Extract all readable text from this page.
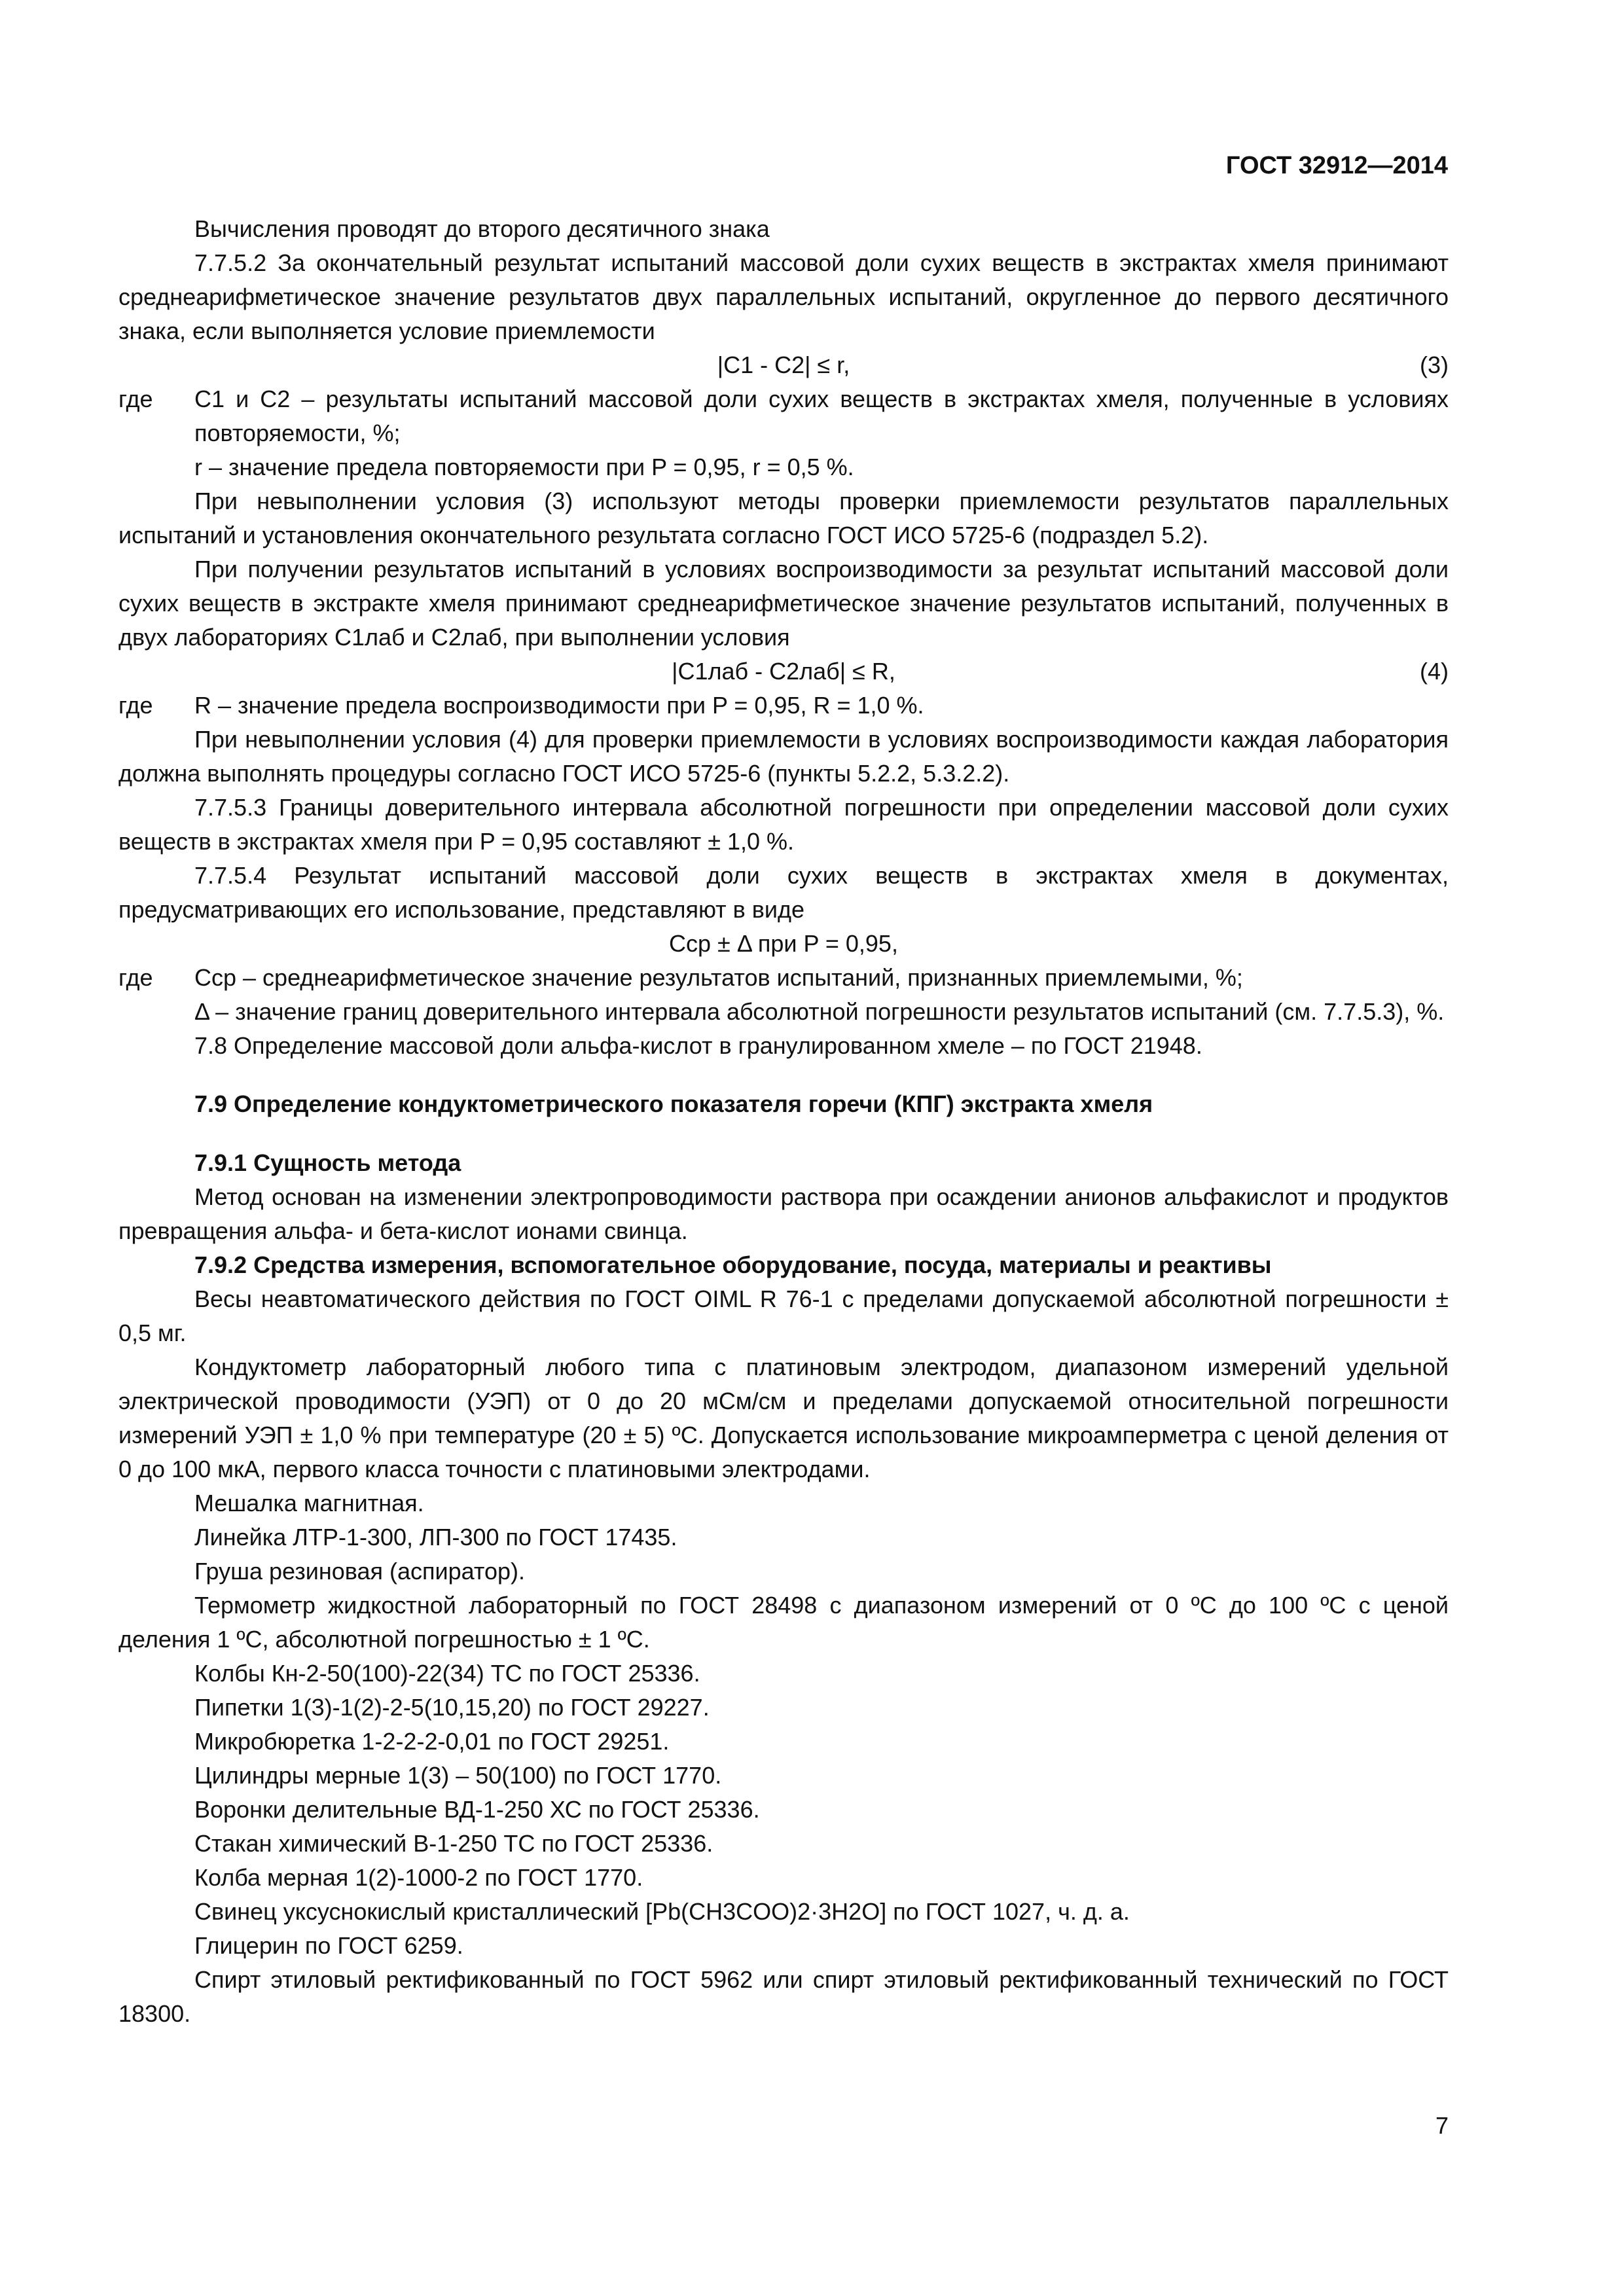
ГОСТ 32912—2014

Вычисления проводят до второго десятичного знака

7.7.5.2 За окончательный результат испытаний массовой доли сухих веществ в экстрактах хмеля принимают среднеарифметическое значение результатов двух параллельных испытаний, округленное до первого десятичного знака, если выполняется условие приемлемости

|C1 - C2| ≤ r,	(3)

где C1 и C2 – результаты испытаний массовой доли сухих веществ в экстрактах хмеля, полученные в условиях повторяемости, %;

r – значение предела повторяемости при P = 0,95, r = 0,5 %.

При невыполнении условия (3) используют методы проверки приемлемости результатов параллельных испытаний и установления окончательного результата согласно ГОСТ ИСО 5725-6 (подраздел 5.2).

При получении результатов испытаний в условиях воспроизводимости за результат испытаний массовой доли сухих веществ в экстракте хмеля принимают среднеарифметическое значение результатов испытаний, полученных в двух лабораториях C1лаб и C2лаб, при выполнении условия

|C1лаб - C2лаб| ≤ R,	(4)

где R – значение предела воспроизводимости при P = 0,95, R = 1,0 %.

При невыполнении условия (4) для проверки приемлемости в условиях воспроизводимости каждая лаборатория должна выполнять процедуры согласно ГОСТ ИСО 5725-6 (пункты 5.2.2, 5.3.2.2).

7.7.5.3 Границы доверительного интервала абсолютной погрешности при определении массовой доли сухих веществ в экстрактах хмеля при P = 0,95 составляют ± 1,0 %.

7.7.5.4 Результат испытаний массовой доли сухих веществ в экстрактах хмеля в документах, предусматривающих его использование, представляют в виде

Cср ± Δ при P = 0,95,

где Cср – среднеарифметическое значение результатов испытаний, признанных приемлемыми, %;

Δ – значение границ доверительного интервала абсолютной погрешности результатов испытаний (см. 7.7.5.3), %.

7.8 Определение массовой доли альфа-кислот в гранулированном хмеле – по ГОСТ 21948.

7.9 Определение кондуктометрического показателя горечи (КПГ) экстракта хмеля

7.9.1 Сущность метода

Метод основан на изменении электропроводимости раствора при осаждении анионов альфакислот и продуктов превращения альфа- и бета-кислот ионами свинца.

7.9.2 Средства измерения, вспомогательное оборудование, посуда, материалы и реактивы

Весы неавтоматического действия по ГОСТ OIML R 76-1 с пределами допускаемой абсолютной погрешности ± 0,5 мг.

Кондуктометр лабораторный любого типа с платиновым электродом, диапазоном измерений удельной электрической проводимости (УЭП) от 0 до 20 мСм/см и пределами допускаемой относительной погрешности измерений УЭП ± 1,0 % при температуре (20 ± 5) ºC. Допускается использование микроамперметра с ценой деления от 0 до 100 мкА, первого класса точности с платиновыми электродами.

Мешалка магнитная.

Линейка ЛТР-1-300, ЛП-300 по ГОСТ 17435.

Груша резиновая (аспиратор).

Термометр жидкостной лабораторный по ГОСТ 28498 с диапазоном измерений от 0 ºC до 100 ºC с ценой деления 1 ºC, абсолютной погрешностью ± 1 ºC.

Колбы Кн-2-50(100)-22(34) ТС по ГОСТ 25336.

Пипетки 1(3)-1(2)-2-5(10,15,20) по ГОСТ 29227.

Микробюретка 1-2-2-2-0,01 по ГОСТ 29251.

Цилиндры мерные 1(3) – 50(100) по ГОСТ 1770.

Воронки делительные ВД-1-250 ХС по ГОСТ 25336.

Стакан химический В-1-250 ТС по ГОСТ 25336.

Колба мерная 1(2)-1000-2 по ГОСТ 1770.

Свинец уксуснокислый кристаллический [Pb(CH3COO)2·3H2O] по ГОСТ 1027, ч. д. а.

Глицерин по ГОСТ 6259.

Спирт этиловый ректификованный по ГОСТ 5962 или спирт этиловый ректификованный технический по ГОСТ 18300.

7
